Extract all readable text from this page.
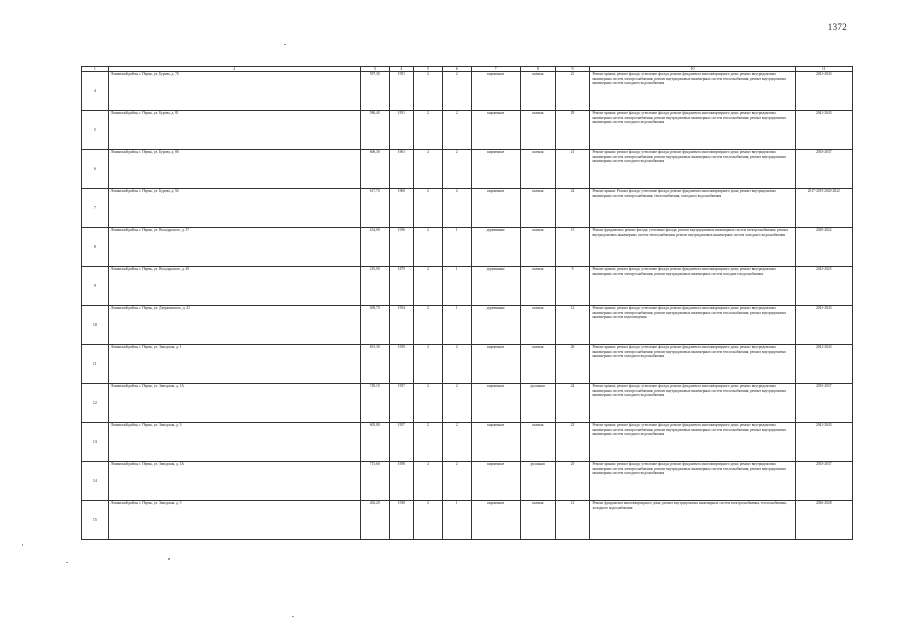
1372
1	2	3	4	5	6	7	8	9	10	11
4	Ленинский район, г. Пермь, ул. Бурова, д. 70	597,30	1951	2	2	кирпичные	скатная	21	Ремонт крыши; ремонт фасада; утепление фасада; ремонт фундамента многоквартирного дома; ремонт внутридомовых инженерных систем электроснабжения; ремонт внутридомовых инженерных систем теплоснабжения; ремонт внутридомовых инженерных систем холодного водоснабжения	2041-2043
5	Ленинский район, г. Пермь, ул. Бурова, д. 81	586,40	1951	2	2	кирпичные	скатная	29	Ремонт крыши; ремонт фасада; утепление фасада; ремонт фундамента многоквартирного дома; ремонт внутридомовых инженерных систем электроснабжения; ремонт внутридомовых инженерных систем теплоснабжения; ремонт внутридомовых инженерных систем холодного водоснабжения	2041-2043
6	Ленинский район, г. Пермь, ул. Бурова, д. 86	606,30	1961	2	2	кирпичные	скатная	21	Ремонт крыши; ремонт фасада; утепление фасада; ремонт фундамента многоквартирного дома; ремонт внутридомовых инженерных систем электроснабжения; ремонт внутридомовых инженерных систем теплоснабжения; ремонт внутридомовых инженерных систем холодного водоснабжения	2035-2037
7	Ленинский район, г. Пермь, ул. Бурова, д. 92	617,70	1960	2	2	кирпичные	скатная	24	Ремонт крыши. Ремонт фасада; утепление фасада; ремонт фундамента многоквартирного дома; ремонт внутридомовых инженерных систем электроснабжения, теплоснабжения, холодного водоснабжения	2017-2019 2020-2022
8	Ленинский район, г. Пермь, ул. Володарского, д. 37	234,00	1936	2	1	деревянные	скатная	15	Ремонт фундамента; ремонт фасада; утепление фасада; ремонт внутридомовых инженерных систем электроснабжения; ремонт внутридомовых инженерных систем теплоснабжения; ремонт внутридомовых инженерных систем холодного водоснабжения	2020-2022
9	Ленинский район, г. Пермь, ул. Володарского, д. 49	210,90	1879	2	1	деревянные	скатная	9	Ремонт крыши; ремонт фасада; утепление фасада; ремонт фундамента многоквартирного дома; ремонт внутридомовых инженерных систем электроснабжения; ремонт внутридомовых инженерных систем холодного водоснабжения	2023-2025
10	Ленинский район, г. Пермь, ул. Дзержинского, д. 41	409,70	1954	2	1	деревянные	скатная	12	Ремонт крыши; ремонт фасада; утепление фасада; ремонт фундамента многоквартирного дома; ремонт внутридомовых инженерных систем электроснабжения; ремонт внутридомовых инженерных систем теплоснабжения; ремонт внутридомовых инженерных систем водоотведения	2041-2043
11	Ленинский район, г. Пермь, ул. Заводская, д. 1	691,30	1959	2	2	кирпичные	скатная	26	Ремонт крыши; ремонт фасада; утепление фасада; ремонт фундамента многоквартирного дома; ремонт внутридомовых инженерных систем электроснабжения; ремонт внутридомовых инженерных систем теплоснабжения; ремонт внутридомовых инженерных систем холодного водоснабжения	2041-2043
12	Ленинский район, г. Пермь, ул. Заводская, д. 1А	749,10	1957	2	2	кирпичные	рулонная	24	Ремонт крыши; ремонт фасада; утепление фасада; ремонт фундамента многоквартирного дома; ремонт внутридомовых инженерных систем электроснабжения; ремонт внутридомовых инженерных систем теплоснабжения; ремонт внутридомовых инженерных систем холодного водоснабжения	2035-2037
13	Ленинский район, г. Пермь, ул. Заводская, д. 3	605,80	1957	2	2	кирпичные	скатная	23	Ремонт крыши; ремонт фасада; утепление фасада; ремонт фундамента многоквартирного дома; ремонт внутридомовых инженерных систем электроснабжения; ремонт внутридомовых инженерных систем теплоснабжения; ремонт внутридомовых инженерных систем холодного водоснабжения	2041-2043
14	Ленинский район, г. Пермь, ул. Заводская, д. 3А	715,60	1958	2	2	кирпичные	рулонная	25	Ремонт крыши; ремонт фасада; утепление фасада; ремонт фундамента многоквартирного дома; ремонт внутридомовых инженерных систем электроснабжения; ремонт внутридомовых инженерных систем теплоснабжения; ремонт внутридомовых инженерных систем холодного водоснабжения	2035-2037
15	Ленинский район, г. Пермь, ул. Заводская, д. 5	402,20	1938	2	1	кирпичные	скатная	12	Ремонт фундамента многоквартирного дома; ремонт внутридомовых инженерных систем электроснабжения, теплоснабжения, холодного водоснабжения	2026-2028
